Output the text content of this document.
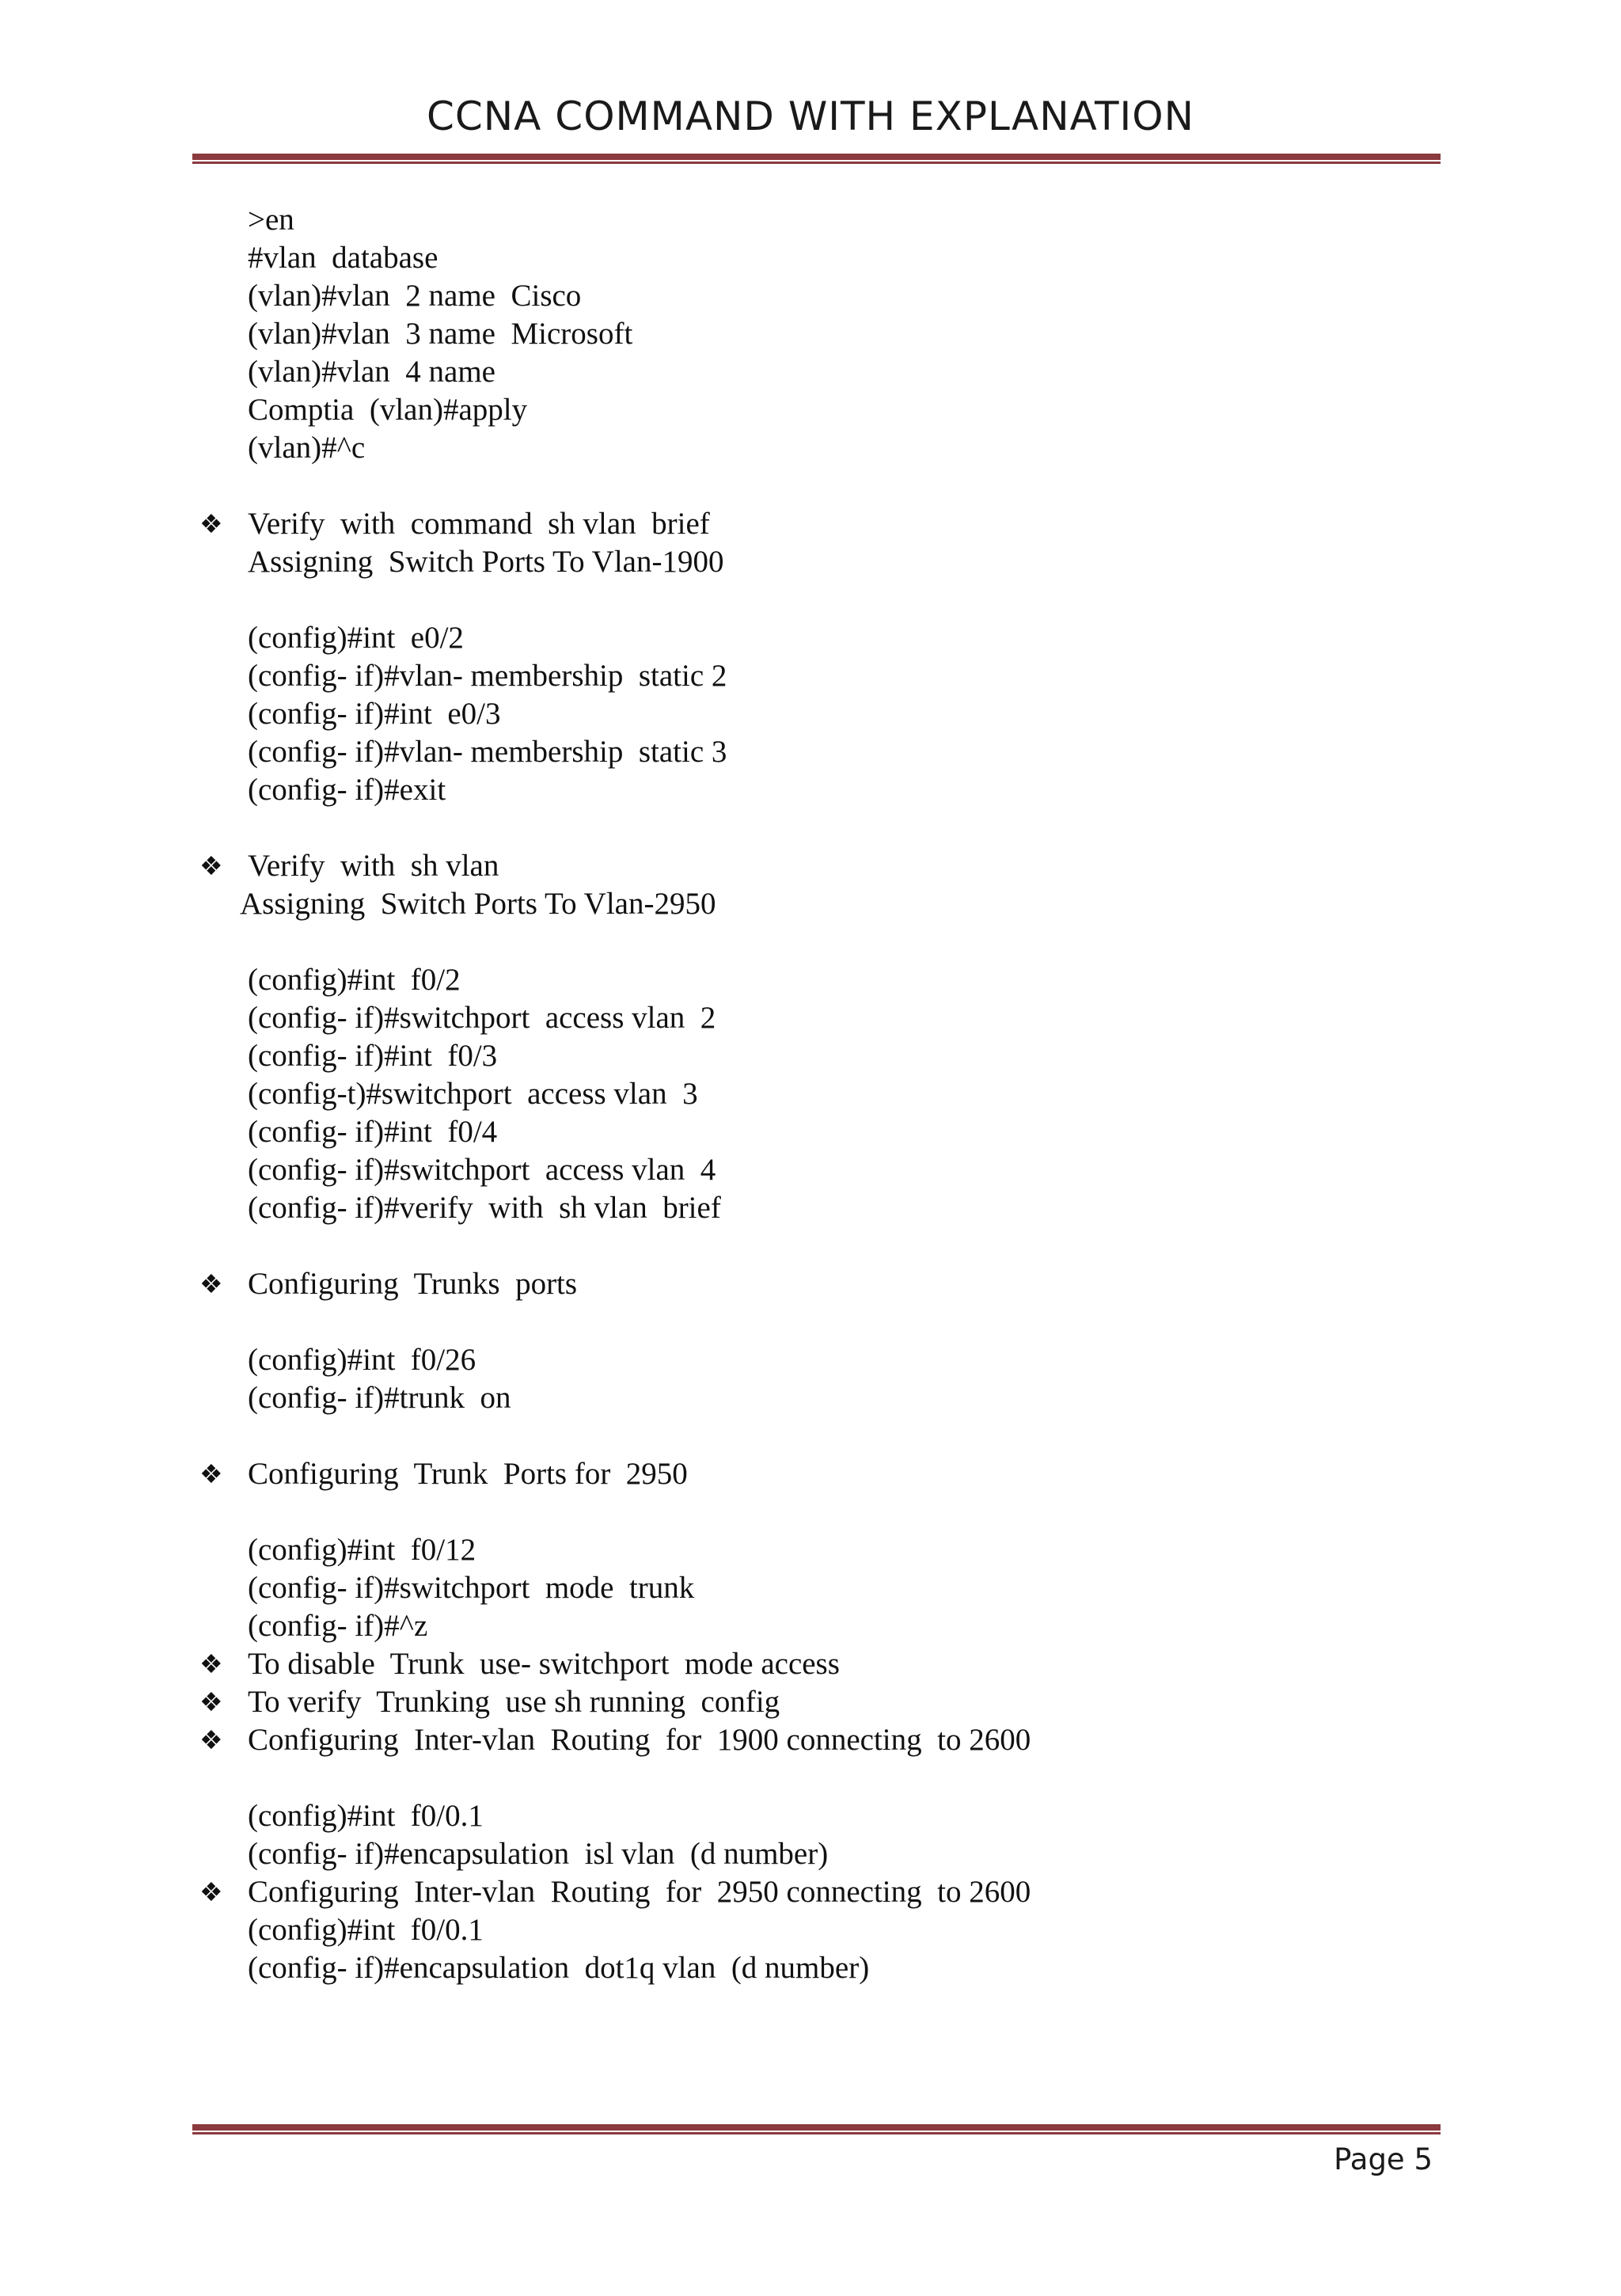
CCNA COMMAND WITH EXPLANATION
>en
#vlan  database
(vlan)#vlan  2 name  Cisco
(vlan)#vlan  3 name  Microsoft
(vlan)#vlan  4 name
Comptia  (vlan)#apply
(vlan)#^c
❖ Verify  with  command  sh vlan  brief
Assigning  Switch Ports To Vlan-1900
(config)#int  e0/2
(config- if)#vlan- membership  static 2
(config- if)#int  e0/3
(config- if)#vlan- membership  static 3
(config- if)#exit
❖ Verify  with  sh vlan
Assigning  Switch Ports To Vlan-2950
(config)#int  f0/2
(config- if)#switchport  access vlan  2
(config- if)#int  f0/3
(config-t)#switchport  access vlan  3
(config- if)#int  f0/4
(config- if)#switchport  access vlan  4
(config- if)#verify  with  sh vlan  brief
❖ Configuring  Trunks  ports
(config)#int  f0/26
(config- if)#trunk  on
❖ Configuring  Trunk  Ports for  2950
(config)#int  f0/12
(config- if)#switchport  mode  trunk
(config- if)#^z
❖ To disable  Trunk  use- switchport  mode access
❖ To verify  Trunking  use sh running  config
❖ Configuring  Inter-vlan  Routing  for  1900 connecting  to 2600
(config)#int  f0/0.1
(config- if)#encapsulation  isl vlan  (d number)
❖ Configuring  Inter-vlan  Routing  for  2950 connecting  to 2600
(config)#int  f0/0.1
(config- if)#encapsulation  dot1q vlan  (d number)
Page 5
